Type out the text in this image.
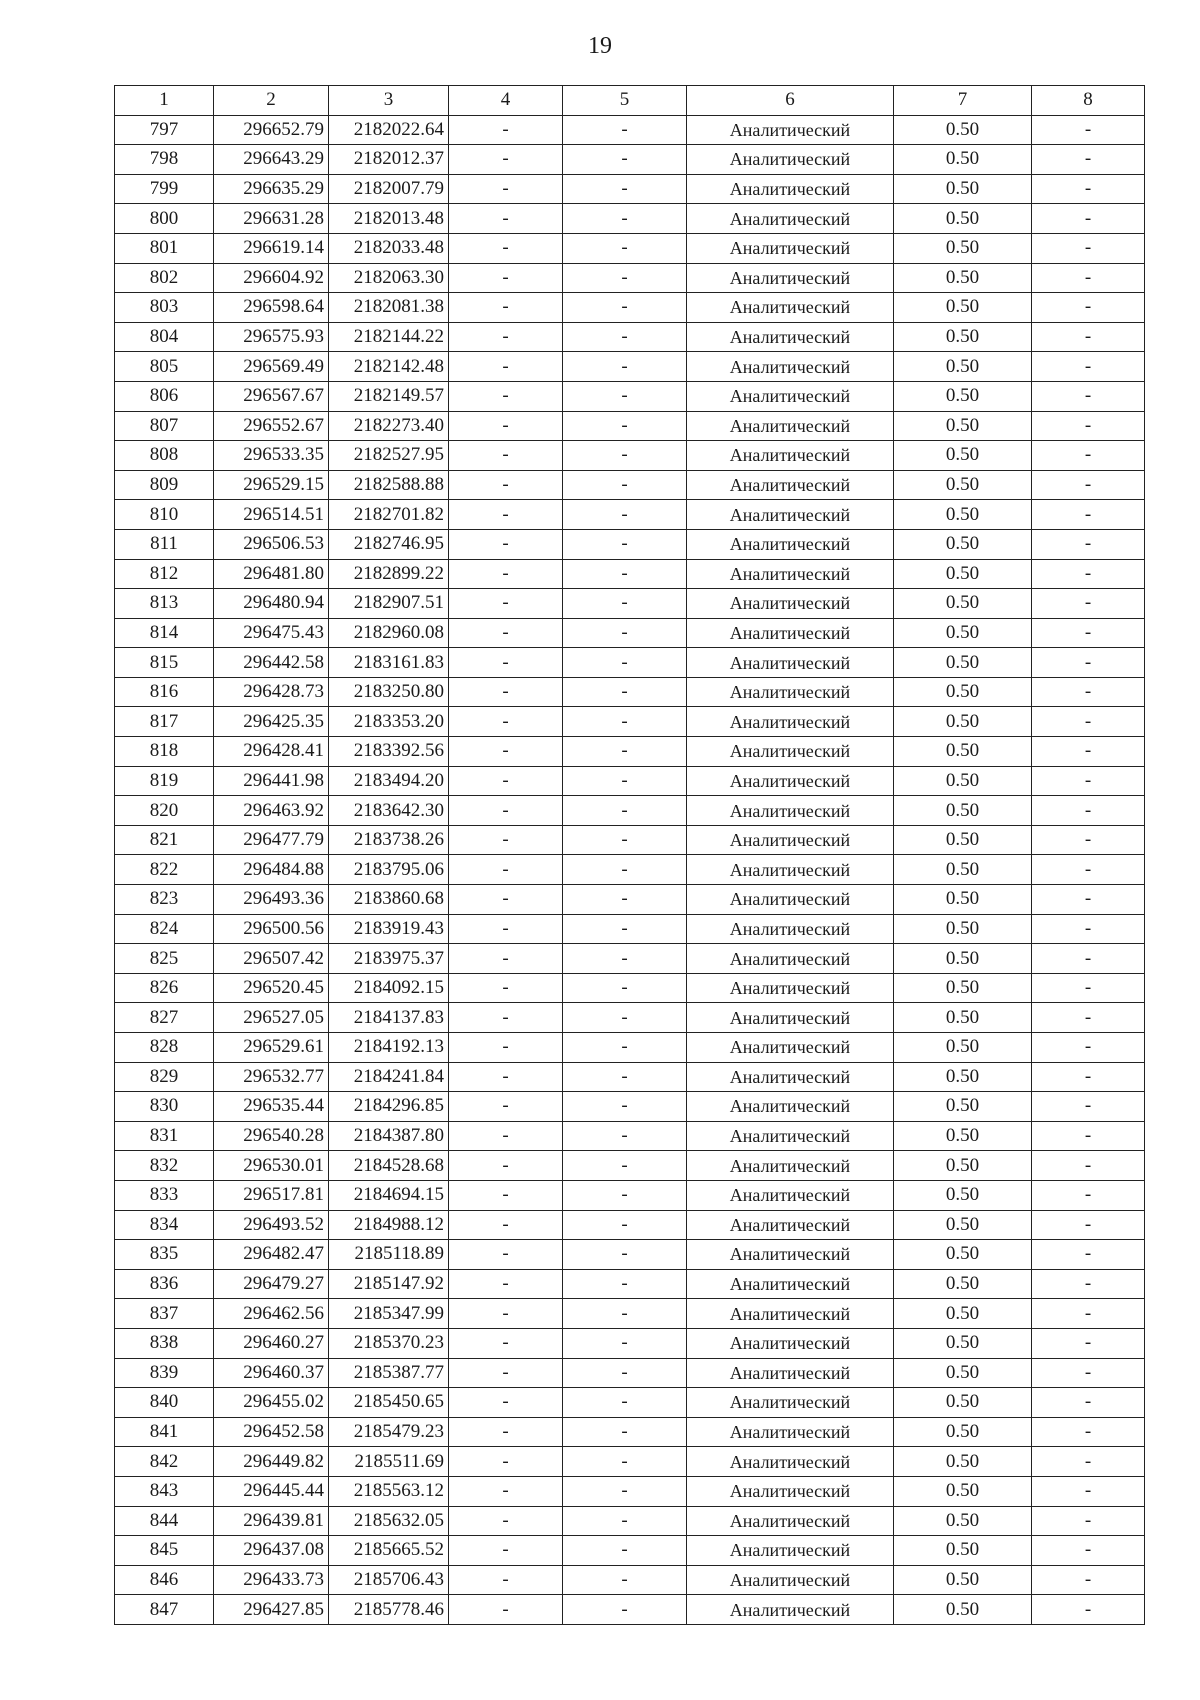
19
1	2	3	4	5	6	7	8
797	296652.79	2182022.64	-	-	Аналитический	0.50	-
798	296643.29	2182012.37	-	-	Аналитический	0.50	-
799	296635.29	2182007.79	-	-	Аналитический	0.50	-
800	296631.28	2182013.48	-	-	Аналитический	0.50	-
801	296619.14	2182033.48	-	-	Аналитический	0.50	-
802	296604.92	2182063.30	-	-	Аналитический	0.50	-
803	296598.64	2182081.38	-	-	Аналитический	0.50	-
804	296575.93	2182144.22	-	-	Аналитический	0.50	-
805	296569.49	2182142.48	-	-	Аналитический	0.50	-
806	296567.67	2182149.57	-	-	Аналитический	0.50	-
807	296552.67	2182273.40	-	-	Аналитический	0.50	-
808	296533.35	2182527.95	-	-	Аналитический	0.50	-
809	296529.15	2182588.88	-	-	Аналитический	0.50	-
810	296514.51	2182701.82	-	-	Аналитический	0.50	-
811	296506.53	2182746.95	-	-	Аналитический	0.50	-
812	296481.80	2182899.22	-	-	Аналитический	0.50	-
813	296480.94	2182907.51	-	-	Аналитический	0.50	-
814	296475.43	2182960.08	-	-	Аналитический	0.50	-
815	296442.58	2183161.83	-	-	Аналитический	0.50	-
816	296428.73	2183250.80	-	-	Аналитический	0.50	-
817	296425.35	2183353.20	-	-	Аналитический	0.50	-
818	296428.41	2183392.56	-	-	Аналитический	0.50	-
819	296441.98	2183494.20	-	-	Аналитический	0.50	-
820	296463.92	2183642.30	-	-	Аналитический	0.50	-
821	296477.79	2183738.26	-	-	Аналитический	0.50	-
822	296484.88	2183795.06	-	-	Аналитический	0.50	-
823	296493.36	2183860.68	-	-	Аналитический	0.50	-
824	296500.56	2183919.43	-	-	Аналитический	0.50	-
825	296507.42	2183975.37	-	-	Аналитический	0.50	-
826	296520.45	2184092.15	-	-	Аналитический	0.50	-
827	296527.05	2184137.83	-	-	Аналитический	0.50	-
828	296529.61	2184192.13	-	-	Аналитический	0.50	-
829	296532.77	2184241.84	-	-	Аналитический	0.50	-
830	296535.44	2184296.85	-	-	Аналитический	0.50	-
831	296540.28	2184387.80	-	-	Аналитический	0.50	-
832	296530.01	2184528.68	-	-	Аналитический	0.50	-
833	296517.81	2184694.15	-	-	Аналитический	0.50	-
834	296493.52	2184988.12	-	-	Аналитический	0.50	-
835	296482.47	2185118.89	-	-	Аналитический	0.50	-
836	296479.27	2185147.92	-	-	Аналитический	0.50	-
837	296462.56	2185347.99	-	-	Аналитический	0.50	-
838	296460.27	2185370.23	-	-	Аналитический	0.50	-
839	296460.37	2185387.77	-	-	Аналитический	0.50	-
840	296455.02	2185450.65	-	-	Аналитический	0.50	-
841	296452.58	2185479.23	-	-	Аналитический	0.50	-
842	296449.82	2185511.69	-	-	Аналитический	0.50	-
843	296445.44	2185563.12	-	-	Аналитический	0.50	-
844	296439.81	2185632.05	-	-	Аналитический	0.50	-
845	296437.08	2185665.52	-	-	Аналитический	0.50	-
846	296433.73	2185706.43	-	-	Аналитический	0.50	-
847	296427.85	2185778.46	-	-	Аналитический	0.50	-
